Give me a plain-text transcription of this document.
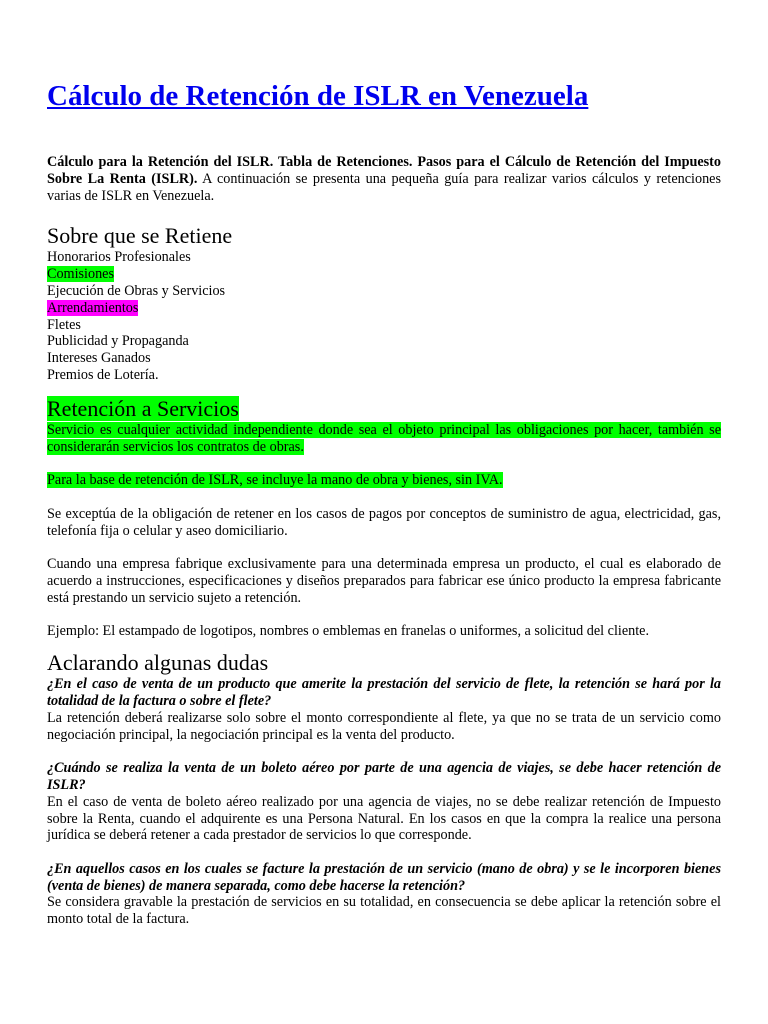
Cálculo de Retención de ISLR en Venezuela

Cálculo para la Retención del ISLR. Tabla de Retenciones. Pasos para el Cálculo de Retención del Impuesto Sobre La Renta (ISLR). A continuación se presenta una pequeña guía para realizar varios cálculos y retenciones varias de ISLR en Venezuela.

Sobre que se Retiene
Honorarios Profesionales
Comisiones
Ejecución de Obras y Servicios
Arrendamientos
Fletes
Publicidad y Propaganda
Intereses Ganados
Premios de Lotería.
Retención a Servicios

Servicio es cualquier actividad independiente donde sea el objeto principal las obligaciones por hacer, también se considerarán servicios los contratos de obras.

Para la base de retención de ISLR, se incluye la mano de obra y bienes, sin IVA.

Se exceptúa de la obligación de retener en los casos de pagos por conceptos de suministro de agua, electricidad, gas, telefonía fija o celular y aseo domiciliario.

Cuando una empresa fabrique exclusivamente para una determinada empresa un producto, el cual es elaborado de acuerdo a instrucciones, especificaciones y diseños preparados para fabricar ese único producto la empresa fabricante está prestando un servicio sujeto a retención.

Ejemplo: El estampado de logotipos, nombres o emblemas en franelas o uniformes, a solicitud del cliente.

Aclarando algunas dudas

¿En el caso de venta de un producto que amerite la prestación del servicio de flete, la retención se hará por la totalidad de la factura o sobre el flete?

La retención deberá realizarse solo sobre el monto correspondiente al flete, ya que no se trata de un servicio como negociación principal, la negociación principal es la venta del producto.

¿Cuándo se realiza la venta de un boleto aéreo por parte de una agencia de viajes, se debe hacer retención de ISLR?

En el caso de venta de boleto aéreo realizado por una agencia de viajes, no se debe realizar retención de Impuesto sobre la Renta, cuando el adquirente es una Persona Natural. En los casos en que la compra la realice una persona jurídica se deberá retener a cada prestador de servicios lo que corresponde.

¿En aquellos casos en los cuales se facture la prestación de un servicio (mano de obra) y se le incorporen bienes (venta de bienes) de manera separada, como debe hacerse la retención?

Se considera gravable la prestación de servicios en su totalidad, en consecuencia se debe aplicar la retención sobre el monto total de la factura.
